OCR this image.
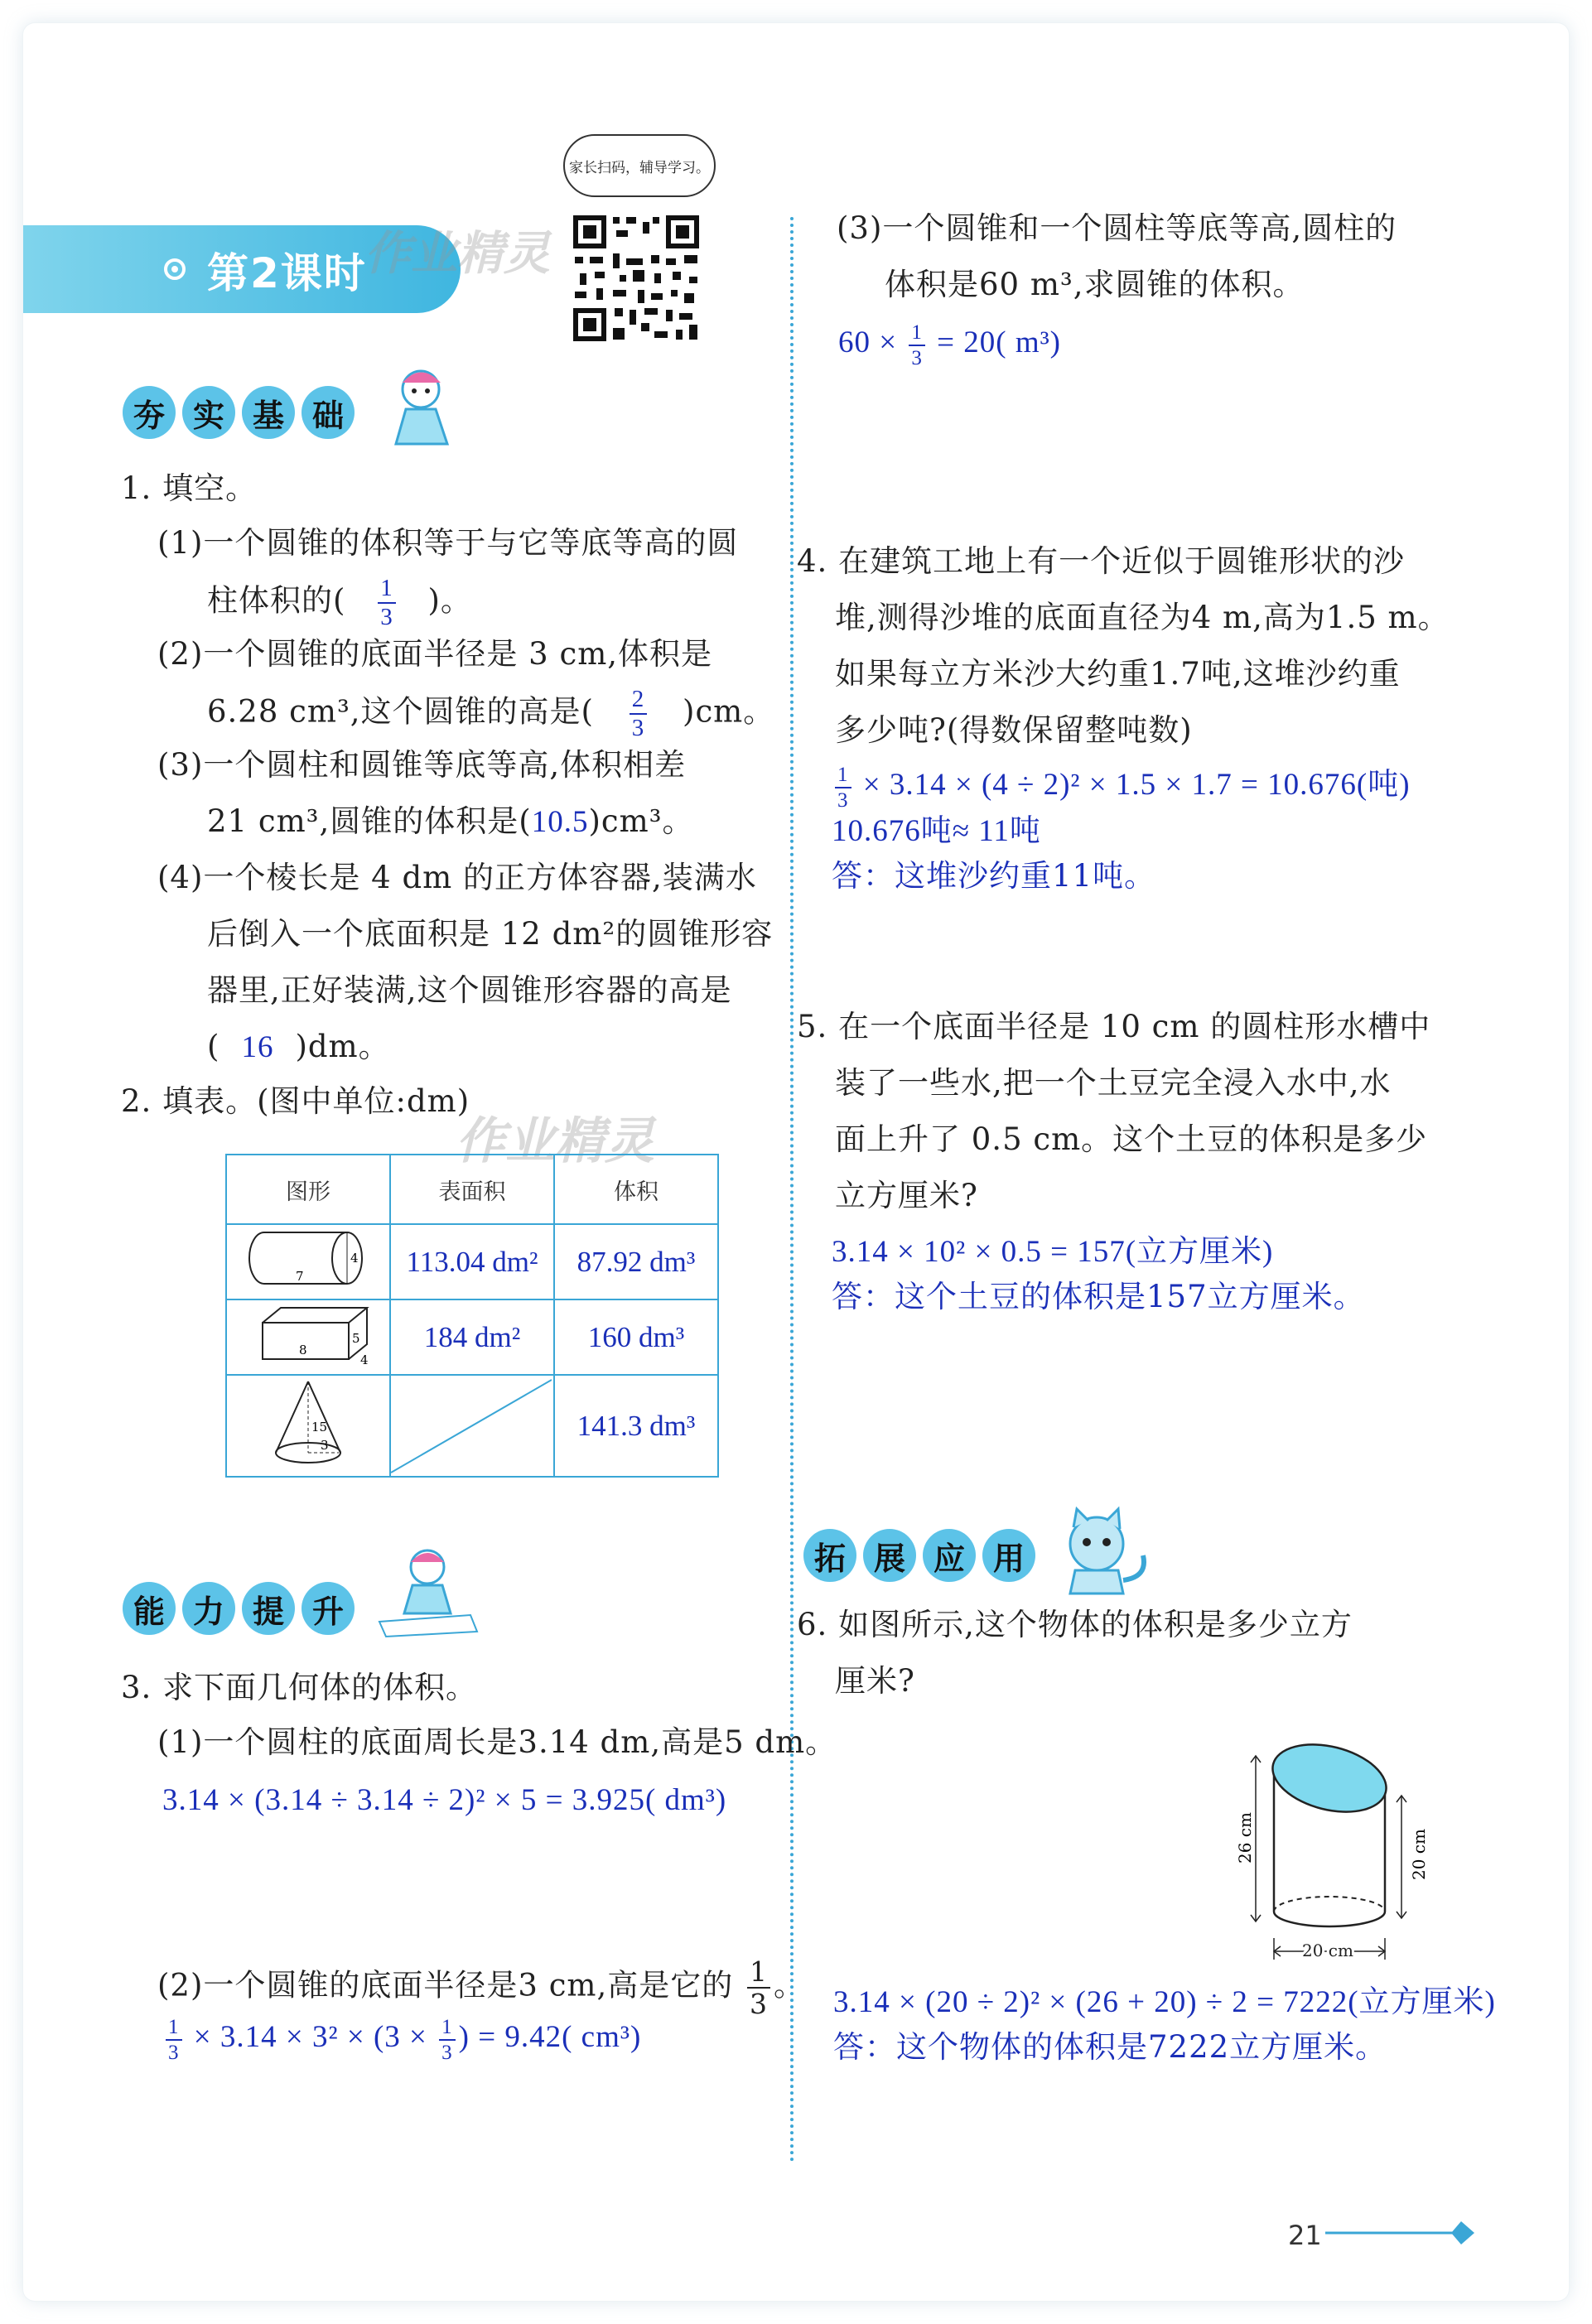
家长扫码，辅导学习。
第2课时
作业精灵
夯 实 基 础
1. 填空。
(1)一个圆锥的体积等于与它等底等高的圆
柱体积的( $\frac{1}{3}$ )。
(2)一个圆锥的底面半径是 3 cm,体积是
6.28 cm³,这个圆锥的高是( $\frac{2}{3} )cm$。
(3)一个圆柱和圆锥等底等高,体积相差
21 cm³,圆锥的体积是(10.5)cm³。
(4)一个棱长是 4 dm 的正方体容器,装满水
后倒入一个底面积是 12 dm²的圆锥形容
器里,正好装满,这个圆锥形容器的高是
( 16 )dm。
2. 填表。(图中单位:dm)
作业精灵
图形	表面积	体积

7
4	113.04 dm²	87.92 dm³

8
5
4	184 dm²	160 dm³

15
3		141.3 dm³
能 力 提 升
3. 求下面几何体的体积。
(1)一个圆柱的底面周长是3.14 dm,高是5 dm。
3.14 × (3.14 ÷ 3.14 ÷ 2)² × 5 = 3.925( dm³)
(2)一个圆锥的底面半径是3 cm,高是它的 $\frac{1}{3}$ 。
$\frac{1}{3} \times 3.14 \times 3^2 \times (3 \times \frac{1}{3}$ ) = 9.42( cm³)
(3)一个圆锥和一个圆柱等底等高,圆柱的
体积是60 m³,求圆锥的体积。
$60 \times \frac{1}{3} = 20$( m³)
4. 在建筑工地上有一个近似于圆锥形状的沙
堆,测得沙堆的底面直径为4 m,高为1.5 m。
如果每立方米沙大约重1.7吨,这堆沙约重
多少吨?(得数保留整吨数)
$\frac{1}{3} \times 3.14 \times (4 \div 2)^2 \times 1.5 \times 1.7 = 10.676$(吨)
10.676吨≈ 11吨
答：这堆沙约重11吨。
5. 在一个底面半径是 10 cm 的圆柱形水槽中
装了一些水,把一个土豆完全浸入水中,水
面上升了 0.5 cm。这个土豆的体积是多少
立方厘米?
3.14 × 10² × 0.5 = 157(立方厘米)
答：这个土豆的体积是157立方厘米。
拓 展 应 用
6. 如图所示,这个物体的体积是多少立方
厘米?
26 cm	20 cm
20 cm
3.14 × (20 ÷ 2)² × (26 + 20) ÷ 2 = 7222(立方厘米)
答：这个物体的体积是7222立方厘米。
21
